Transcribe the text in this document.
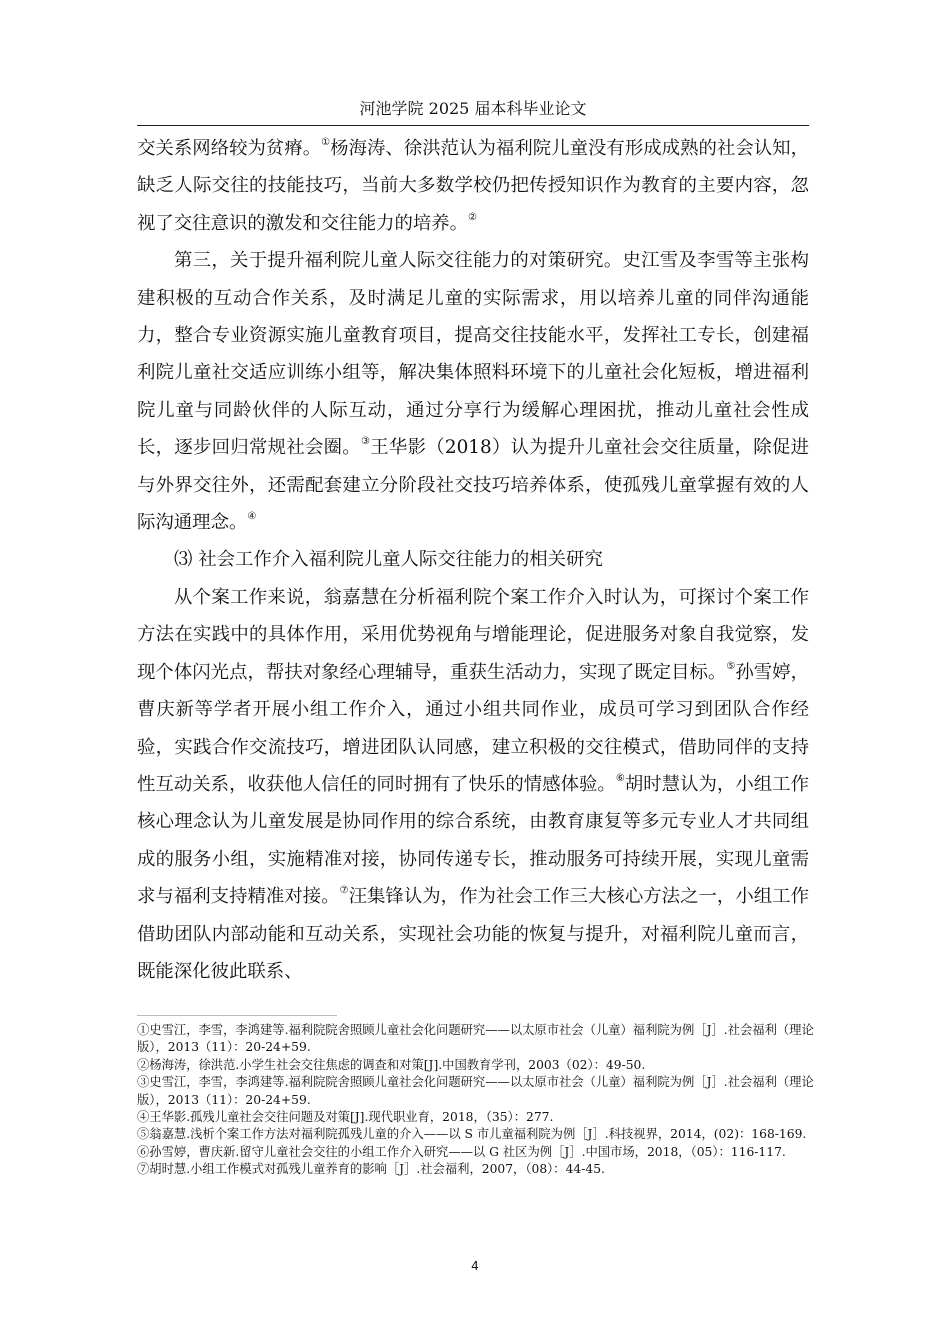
河池学院 2025 届本科毕业论文

交关系网络较为贫瘠。①杨海涛、徐洪范认为福利院儿童没有形成成熟的社会认知，缺乏人际交往的技能技巧，当前大多数学校仍把传授知识作为教育的主要内容，忽视了交往意识的激发和交往能力的培养。②

第三，关于提升福利院儿童人际交往能力的对策研究。史江雪及李雪等主张构建积极的互动合作关系，及时满足儿童的实际需求，用以培养儿童的同伴沟通能力，整合专业资源实施儿童教育项目，提高交往技能水平，发挥社工专长，创建福利院儿童社交适应训练小组等，解决集体照料环境下的儿童社会化短板，增进福利院儿童与同龄伙伴的人际互动，通过分享行为缓解心理困扰，推动儿童社会性成长，逐步回归常规社会圈。③王华影（2018）认为提升儿童社会交往质量，除促进与外界交往外，还需配套建立分阶段社交技巧培养体系，使孤残儿童掌握有效的人际沟通理念。④

⑶ 社会工作介入福利院儿童人际交往能力的相关研究

从个案工作来说，翁嘉慧在分析福利院个案工作介入时认为，可探讨个案工作方法在实践中的具体作用，采用优势视角与增能理论，促进服务对象自我觉察，发现个体闪光点，帮扶对象经心理辅导，重获生活动力，实现了既定目标。⑤孙雪婷，曹庆新等学者开展小组工作介入，通过小组共同作业，成员可学习到团队合作经验，实践合作交流技巧，增进团队认同感，建立积极的交往模式，借助同伴的支持性互动关系，收获他人信任的同时拥有了快乐的情感体验。⑥胡时慧认为，小组工作核心理念认为儿童发展是协同作用的综合系统，由教育康复等多元专业人才共同组成的服务小组，实施精准对接，协同传递专长，推动服务可持续开展，实现儿童需求与福利支持精准对接。⑦汪集锋认为，作为社会工作三大核心方法之一，小组工作借助团队内部动能和互动关系，实现社会功能的恢复与提升，对福利院儿童而言，既能深化彼此联系、

①史雪江，李雪，李鸿建等.福利院院舍照顾儿童社会化问题研究——以太原市社会（儿童）福利院为例［J］.社会福利（理论版），2013（11）：20-24+59.
②杨海涛，徐洪范.小学生社会交往焦虑的调查和对策[J].中国教育学刊，2003（02）：49-50.
③史雪江，李雪，李鸿建等.福利院院舍照顾儿童社会化问题研究——以太原市社会（儿童）福利院为例［J］.社会福利（理论版），2013（11）：20-24+59.
④王华影.孤残儿童社会交往问题及对策[J].现代职业育，2018，（35）：277.
⑤翁嘉慧.浅析个案工作方法对福利院孤残儿童的介入——以 S 市儿童福利院为例［J］.科技视界，2014，(02)：168-169.
⑥孙雪婷，曹庆新.留守儿童社会交往的小组工作介入研究——以 G 社区为例［J］.中国市场，2018，（05）：116-117.
⑦胡时慧.小组工作模式对孤残儿童养育的影响［J］.社会福利，2007，（08）：44-45.
4
